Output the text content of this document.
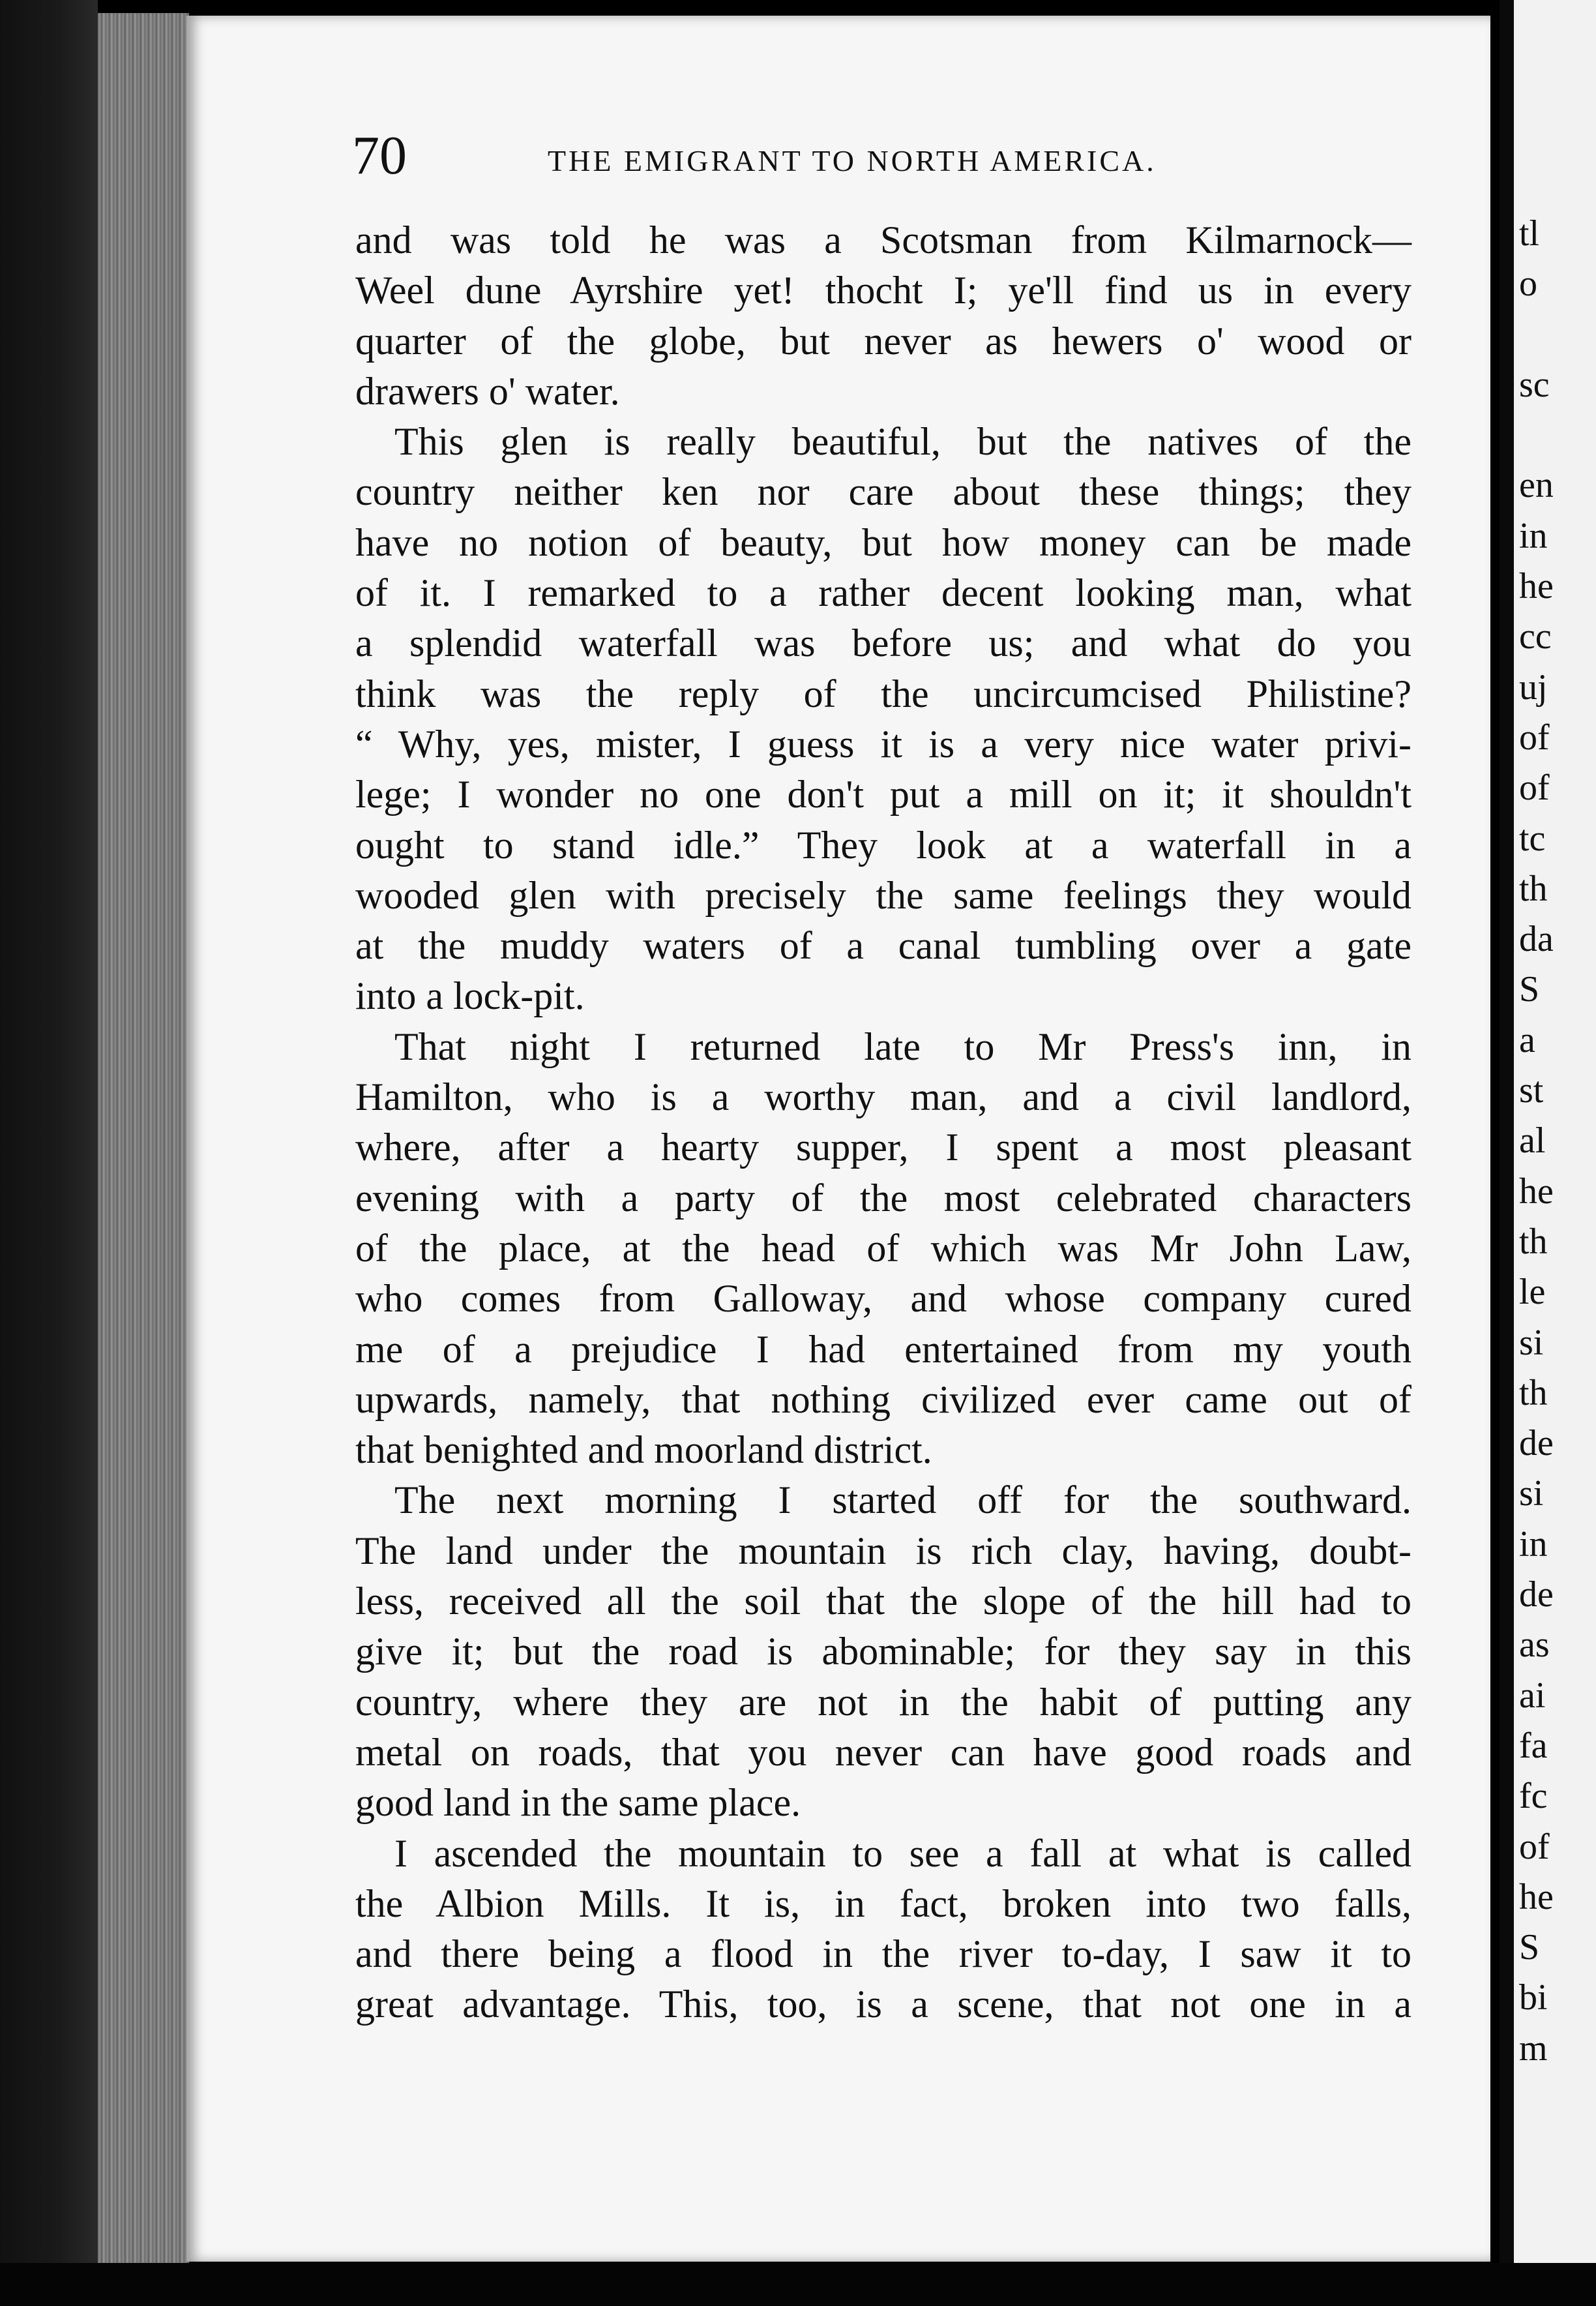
70	THE EMIGRANT TO NORTH AMERICA.
and was told he was a Scotsman from Kilmarnock—
Weel dune Ayrshire yet! thocht I; ye'll find us in every
quarter of the globe, but never as hewers o' wood or
drawers o' water.
This glen is really beautiful, but the natives of the
country neither ken nor care about these things; they
have no notion of beauty, but how money can be made
of it. I remarked to a rather decent looking man, what
a splendid waterfall was before us; and what do you
think was the reply of the uncircumcised Philistine?
“ Why, yes, mister, I guess it is a very nice water privi-
lege; I wonder no one don't put a mill on it; it shouldn't
ought to stand idle.” They look at a waterfall in a
wooded glen with precisely the same feelings they would
at the muddy waters of a canal tumbling over a gate
into a lock-pit.
That night I returned late to Mr Press's inn, in
Hamilton, who is a worthy man, and a civil landlord,
where, after a hearty supper, I spent a most pleasant
evening with a party of the most celebrated characters
of the place, at the head of which was Mr John Law,
who comes from Galloway, and whose company cured
me of a prejudice I had entertained from my youth
upwards, namely, that nothing civilized ever came out of
that benighted and moorland district.
The next morning I started off for the southward.
The land under the mountain is rich clay, having, doubt-
less, received all the soil that the slope of the hill had to
give it; but the road is abominable; for they say in this
country, where they are not in the habit of putting any
metal on roads, that you never can have good roads and
good land in the same place.
I ascended the mountain to see a fall at what is called
the Albion Mills. It is, in fact, broken into two falls,
and there being a flood in the river to-day, I saw it to
great advantage. This, too, is a scene, that not one in a
tl
o
sc
en
in
he
cc
uj
of
of
tc
th
da
S
a
st
al
he
th
le
si
th
de
si
in
de
as
ai
fa
fc
of
he
S
bi
m
